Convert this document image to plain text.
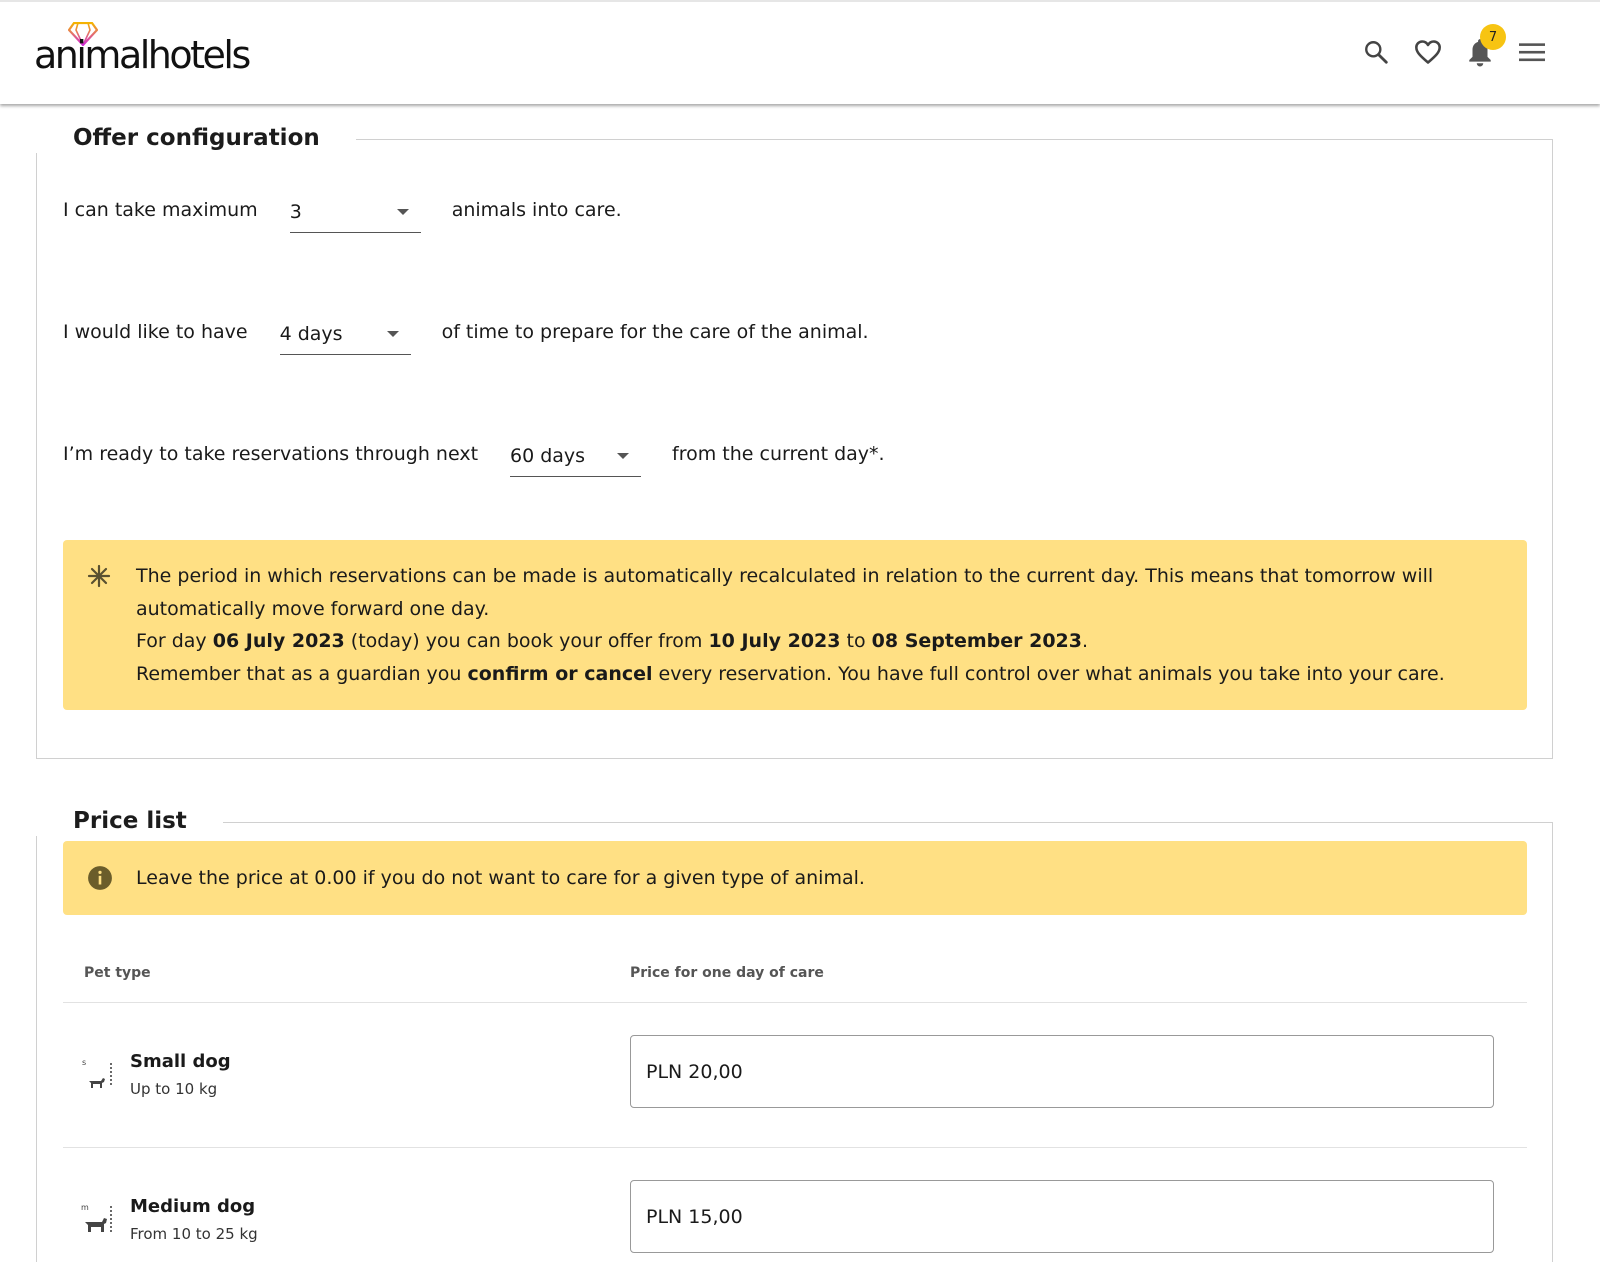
animalhotels	7
Offer configuration
I can take maximum 3	animals into care.
I would like to have 4 days	of time to prepare for the care of the animal.
I’m ready to take reservations through next 60 days	from the current day*.

The period in which reservations can be made is automatically recalculated in relation to the current day. This means that tomorrow will automatically move forward one day.

For day 06 July 2023 (today) you can book your offer from 10 July 2023 to 08 September 2023.

Remember that as a guardian you confirm or cancel every reservation. You have full control over what animals you take into your care.

Price list
Leave the price at 0.00 if you do not want to care for a given type of animal.
Pet type	Price for one day of care
s Small dog
Up to 10 kg
PLN 20,00
m Medium dog
From 10 to 25 kg
PLN 15,00
